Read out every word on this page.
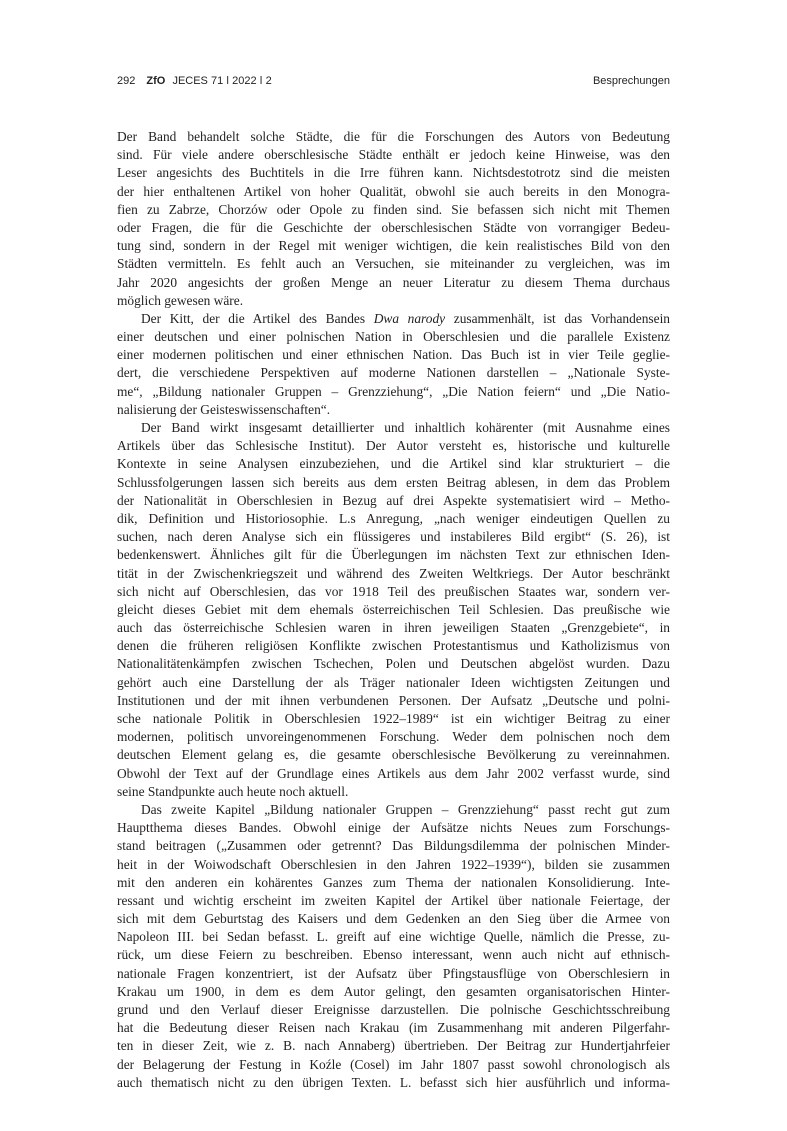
292 ZfO JECES 71 ǀ 2022 ǀ 2	Besprechungen
Der Band behandelt solche Städte, die für die Forschungen des Autors von Bedeutung
sind. Für viele andere oberschlesische Städte enthält er jedoch keine Hinweise, was den
Leser angesichts des Buchtitels in die Irre führen kann. Nichtsdestotrotz sind die meisten
der hier enthaltenen Artikel von hoher Qualität, obwohl sie auch bereits in den Monogra-
fien zu Zabrze, Chorzów oder Opole zu finden sind. Sie befassen sich nicht mit Themen
oder Fragen, die für die Geschichte der oberschlesischen Städte von vorrangiger Bedeu-
tung sind, sondern in der Regel mit weniger wichtigen, die kein realistisches Bild von den
Städten vermitteln. Es fehlt auch an Versuchen, sie miteinander zu vergleichen, was im
Jahr 2020 angesichts der großen Menge an neuer Literatur zu diesem Thema durchaus
möglich gewesen wäre.
Der Kitt, der die Artikel des Bandes Dwa narody zusammenhält, ist das Vorhandensein
einer deutschen und einer polnischen Nation in Oberschlesien und die parallele Existenz
einer modernen politischen und einer ethnischen Nation. Das Buch ist in vier Teile geglie-
dert, die verschiedene Perspektiven auf moderne Nationen darstellen – „Nationale Syste-
me“, „Bildung nationaler Gruppen – Grenzziehung“, „Die Nation feiern“ und „Die Natio-
nalisierung der Geisteswissenschaften“.
Der Band wirkt insgesamt detaillierter und inhaltlich kohärenter (mit Ausnahme eines
Artikels über das Schlesische Institut). Der Autor versteht es, historische und kulturelle
Kontexte in seine Analysen einzubeziehen, und die Artikel sind klar strukturiert – die
Schlussfolgerungen lassen sich bereits aus dem ersten Beitrag ablesen, in dem das Problem
der Nationalität in Oberschlesien in Bezug auf drei Aspekte systematisiert wird – Metho-
dik, Definition und Historiosophie. L.s Anregung, „nach weniger eindeutigen Quellen zu
suchen, nach deren Analyse sich ein flüssigeres und instabileres Bild ergibt“ (S. 26), ist
bedenkenswert. Ähnliches gilt für die Überlegungen im nächsten Text zur ethnischen Iden-
tität in der Zwischenkriegszeit und während des Zweiten Weltkriegs. Der Autor beschränkt
sich nicht auf Oberschlesien, das vor 1918 Teil des preußischen Staates war, sondern ver-
gleicht dieses Gebiet mit dem ehemals österreichischen Teil Schlesien. Das preußische wie
auch das österreichische Schlesien waren in ihren jeweiligen Staaten „Grenzgebiete“, in
denen die früheren religiösen Konflikte zwischen Protestantismus und Katholizismus von
Nationalitätenkämpfen zwischen Tschechen, Polen und Deutschen abgelöst wurden. Dazu
gehört auch eine Darstellung der als Träger nationaler Ideen wichtigsten Zeitungen und
Institutionen und der mit ihnen verbundenen Personen. Der Aufsatz „Deutsche und polni-
sche nationale Politik in Oberschlesien 1922–1989“ ist ein wichtiger Beitrag zu einer
modernen, politisch unvoreingenommenen Forschung. Weder dem polnischen noch dem
deutschen Element gelang es, die gesamte oberschlesische Bevölkerung zu vereinnahmen.
Obwohl der Text auf der Grundlage eines Artikels aus dem Jahr 2002 verfasst wurde, sind
seine Standpunkte auch heute noch aktuell.
Das zweite Kapitel „Bildung nationaler Gruppen – Grenzziehung“ passt recht gut zum
Hauptthema dieses Bandes. Obwohl einige der Aufsätze nichts Neues zum Forschungs-
stand beitragen („Zusammen oder getrennt? Das Bildungsdilemma der polnischen Minder-
heit in der Woiwodschaft Oberschlesien in den Jahren 1922–1939“), bilden sie zusammen
mit den anderen ein kohärentes Ganzes zum Thema der nationalen Konsolidierung. Inte-
ressant und wichtig erscheint im zweiten Kapitel der Artikel über nationale Feiertage, der
sich mit dem Geburtstag des Kaisers und dem Gedenken an den Sieg über die Armee von
Napoleon III. bei Sedan befasst. L. greift auf eine wichtige Quelle, nämlich die Presse, zu-
rück, um diese Feiern zu beschreiben. Ebenso interessant, wenn auch nicht auf ethnisch-
nationale Fragen konzentriert, ist der Aufsatz über Pfingstausflüge von Oberschlesiern in
Krakau um 1900, in dem es dem Autor gelingt, den gesamten organisatorischen Hinter-
grund und den Verlauf dieser Ereignisse darzustellen. Die polnische Geschichtsschreibung
hat die Bedeutung dieser Reisen nach Krakau (im Zusammenhang mit anderen Pilgerfahr-
ten in dieser Zeit, wie z. B. nach Annaberg) übertrieben. Der Beitrag zur Hundertjahrfeier
der Belagerung der Festung in Koźle (Cosel) im Jahr 1807 passt sowohl chronologisch als
auch thematisch nicht zu den übrigen Texten. L. befasst sich hier ausführlich und informa-
